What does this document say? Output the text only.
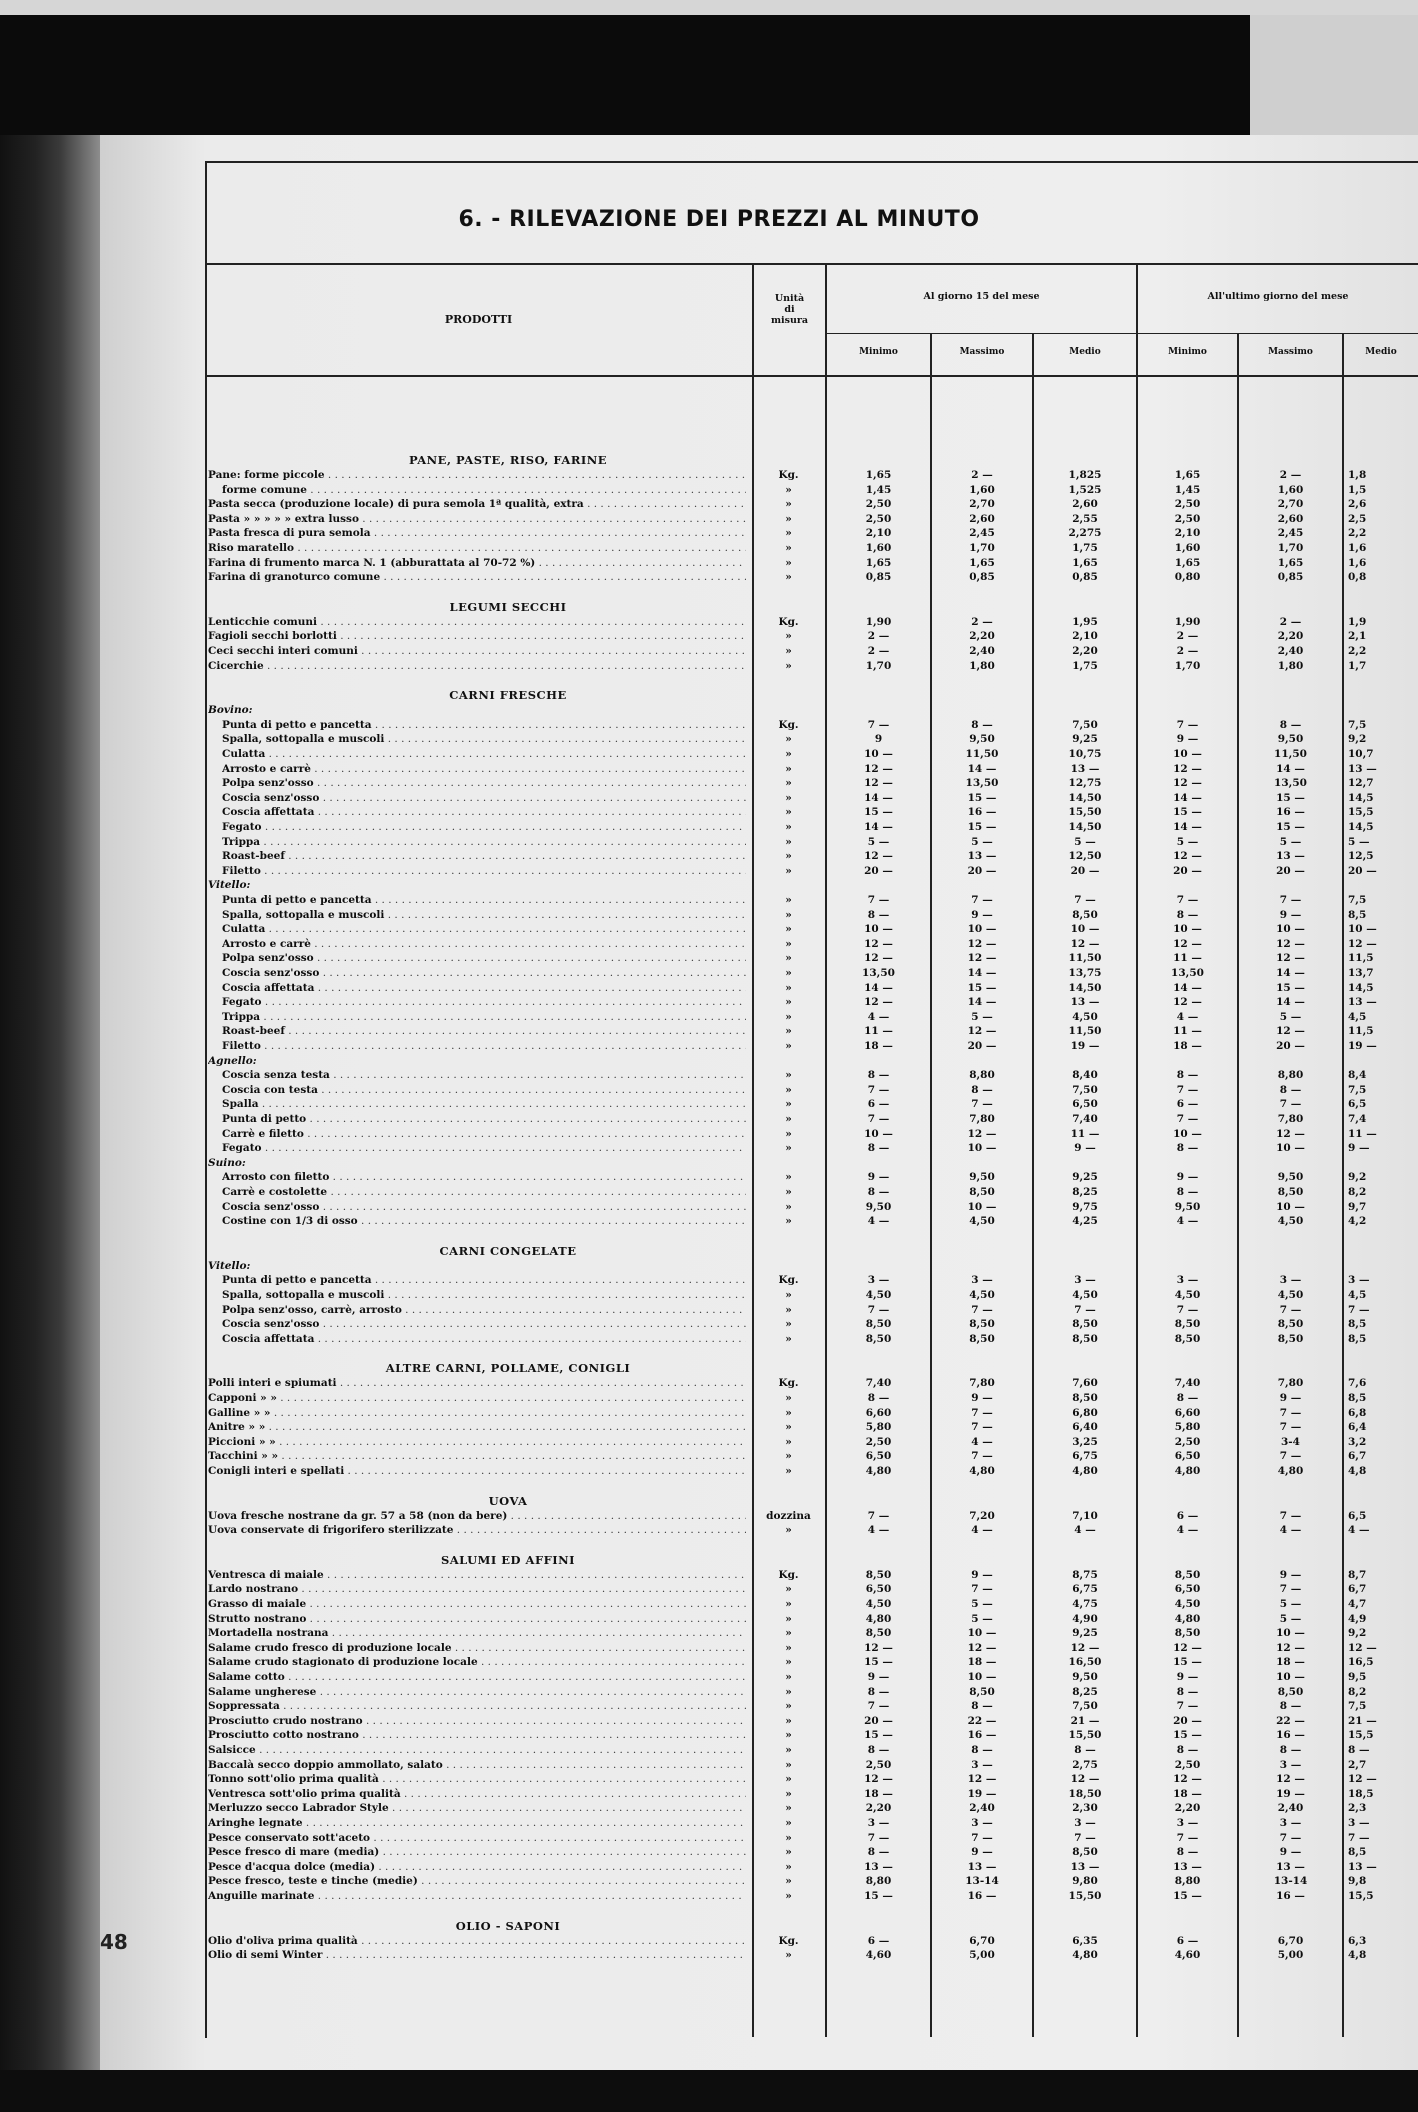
6. - RILEVAZIONE DEI PREZZI AL MINUTO
PRODOTTI
Unità
di
misura
Al giorno 15 del mese	All'ultimo giorno del mese
Minimo	Massimo	Medio	Minimo	Massimo	Medio
PANE, PASTE, RISO, FARINE
Pane: forme piccole . . .	Kg.	1,65	2 —	1,825	1,65	2 —	1,8
forme comune . . .	»	1,45	1,60	1,525	1,45	1,60	1,5
Pasta secca (produzione locale) di pura semola 1ª qualità, extra . . .	»	2,50	2,70	2,60	2,50	2,70	2,6
Pasta » » » » » extra lusso . . .	»	2,50	2,60	2,55	2,50	2,60	2,5
Pasta fresca di pura semola . . .	»	2,10	2,45	2,275	2,10	2,45	2,2
Riso maratello . . .	»	1,60	1,70	1,75	1,60	1,70	1,6
Farina di frumento marca N. 1 (abburattata al 70-72 %) . . .	»	1,65	1,65	1,65	1,65	1,65	1,6
Farina di granoturco comune . . .	»	0,85	0,85	0,85	0,80	0,85	0,8
LEGUMI SECCHI
Lenticchie comuni . . .	Kg.	1,90	2 —	1,95	1,90	2 —	1,9
Fagioli secchi borlotti . . .	»	2 —	2,20	2,10	2 —	2,20	2,1
Ceci secchi interi comuni . . .	»	2 —	2,40	2,20	2 —	2,40	2,2
Cicerchie . . .	»	1,70	1,80	1,75	1,70	1,80	1,7
CARNI FRESCHE
Bovino:
Punta di petto e pancetta . . .	Kg.	7 —	8 —	7,50	7 —	8 —	7,5
Spalla, sottopalla e muscoli . . .	»	9	9,50	9,25	9 —	9,50	9,2
Culatta . . .	»	10 —	11,50	10,75	10 —	11,50	10,7
Arrosto e carrè . . .	»	12 —	14 —	13 —	12 —	14 —	13 —
Polpa senz'osso . . .	»	12 —	13,50	12,75	12 —	13,50	12,7
Coscia senz'osso . . .	»	14 —	15 —	14,50	14 —	15 —	14,5
Coscia affettata . . .	»	15 —	16 —	15,50	15 —	16 —	15,5
Fegato . . .	»	14 —	15 —	14,50	14 —	15 —	14,5
Trippa . . .	»	5 —	5 —	5 —	5 —	5 —	5 —
Roast-beef . . .	»	12 —	13 —	12,50	12 —	13 —	12,5
Filetto . . .	»	20 —	20 —	20 —	20 —	20 —	20 —
Vitello:
Punta di petto e pancetta . . .	»	7 —	7 —	7 —	7 —	7 —	7,5
Spalla, sottopalla e muscoli . . .	»	8 —	9 —	8,50	8 —	9 —	8,5
Culatta . . .	»	10 —	10 —	10 —	10 —	10 —	10 —
Arrosto e carrè . . .	»	12 —	12 —	12 —	12 —	12 —	12 —
Polpa senz'osso . . .	»	12 —	12 —	11,50	11 —	12 —	11,5
Coscia senz'osso . . .	»	13,50	14 —	13,75	13,50	14 —	13,7
Coscia affettata . . .	»	14 —	15 —	14,50	14 —	15 —	14,5
Fegato . . .	»	12 —	14 —	13 —	12 —	14 —	13 —
Trippa . . .	»	4 —	5 —	4,50	4 —	5 —	4,5
Roast-beef . . .	»	11 —	12 —	11,50	11 —	12 —	11,5
Filetto . . .	»	18 —	20 —	19 —	18 —	20 —	19 —
Agnello:
Coscia senza testa . . .	»	8 —	8,80	8,40	8 —	8,80	8,4
Coscia con testa . . .	»	7 —	8 —	7,50	7 —	8 —	7,5
Spalla . . .	»	6 —	7 —	6,50	6 —	7 —	6,5
Punta di petto . . .	»	7 —	7,80	7,40	7 —	7,80	7,4
Carrè e filetto . . .	»	10 —	12 —	11 —	10 —	12 —	11 —
Fegato . . .	»	8 —	10 —	9 —	8 —	10 —	9 —
Suino:
Arrosto con filetto . . .	»	9 —	9,50	9,25	9 —	9,50	9,2
Carrè e costolette . . .	»	8 —	8,50	8,25	8 —	8,50	8,2
Coscia senz'osso . . .	»	9,50	10 —	9,75	9,50	10 —	9,7
Costine con 1/3 di osso . . .	»	4 —	4,50	4,25	4 —	4,50	4,2
CARNI CONGELATE
Vitello:
Punta di petto e pancetta . . .	Kg.	3 —	3 —	3 —	3 —	3 —	3 —
Spalla, sottopalla e muscoli . . .	»	4,50	4,50	4,50	4,50	4,50	4,5
Polpa senz'osso, carrè, arrosto . . .	»	7 —	7 —	7 —	7 —	7 —	7 —
Coscia senz'osso . . .	»	8,50	8,50	8,50	8,50	8,50	8,5
Coscia affettata . . .	»	8,50	8,50	8,50	8,50	8,50	8,5
ALTRE CARNI, POLLAME, CONIGLI
Polli interi e spiumati . . .	Kg.	7,40	7,80	7,60	7,40	7,80	7,6
Capponi » » . . .	»	8 —	9 —	8,50	8 —	9 —	8,5
Galline » » . . .	»	6,60	7 —	6,80	6,60	7 —	6,8
Anitre » » . . .	»	5,80	7 —	6,40	5,80	7 —	6,4
Piccioni » » . . .	»	2,50	4 —	3,25	2,50	3-4	3,2
Tacchini » » . . .	»	6,50	7 —	6,75	6,50	7 —	6,7
Conigli interi e spellati . . .	»	4,80	4,80	4,80	4,80	4,80	4,8
UOVA
Uova fresche nostrane da gr. 57 a 58 (non da bere) . . .	dozzina	7 —	7,20	7,10	6 —	7 —	6,5
Uova conservate di frigorifero sterilizzate . . .	»	4 —	4 —	4 —	4 —	4 —	4 —
SALUMI ED AFFINI
Ventresca di maiale . . .	Kg.	8,50	9 —	8,75	8,50	9 —	8,7
Lardo nostrano . . .	»	6,50	7 —	6,75	6,50	7 —	6,7
Grasso di maiale . . .	»	4,50	5 —	4,75	4,50	5 —	4,7
Strutto nostrano . . .	»	4,80	5 —	4,90	4,80	5 —	4,9
Mortadella nostrana . . .	»	8,50	10 —	9,25	8,50	10 —	9,2
Salame crudo fresco di produzione locale . . .	»	12 —	12 —	12 —	12 —	12 —	12 —
Salame crudo stagionato di produzione locale . . .	»	15 —	18 —	16,50	15 —	18 —	16,5
Salame cotto . . .	»	9 —	10 —	9,50	9 —	10 —	9,5
Salame ungherese . . .	»	8 —	8,50	8,25	8 —	8,50	8,2
Soppressata . . .	»	7 —	8 —	7,50	7 —	8 —	7,5
Prosciutto crudo nostrano . . .	»	20 —	22 —	21 —	20 —	22 —	21 —
Prosciutto cotto nostrano . . .	»	15 —	16 —	15,50	15 —	16 —	15,5
Salsicce . . .	»	8 —	8 —	8 —	8 —	8 —	8 —
Baccalà secco doppio ammollato, salato . . .	»	2,50	3 —	2,75	2,50	3 —	2,7
Tonno sott'olio prima qualità . . .	»	12 —	12 —	12 —	12 —	12 —	12 —
Ventresca sott'olio prima qualità . . .	»	18 —	19 —	18,50	18 —	19 —	18,5
Merluzzo secco Labrador Style . . .	»	2,20	2,40	2,30	2,20	2,40	2,3
Aringhe legnate . . .	»	3 —	3 —	3 —	3 —	3 —	3 —
Pesce conservato sott'aceto . . .	»	7 —	7 —	7 —	7 —	7 —	7 —
Pesce fresco di mare (media) . . .	»	8 —	9 —	8,50	8 —	9 —	8,5
Pesce d'acqua dolce (media) . . .	»	13 —	13 —	13 —	13 —	13 —	13 —
Pesce fresco, teste e tinche (medie) . . .	»	8,80	13-14	9,80	8,80	13-14	9,8
Anguille marinate . . .	»	15 —	16 —	15,50	15 —	16 —	15,5
OLIO - SAPONI
Olio d'oliva prima qualità . . .	Kg.	6 —	6,70	6,35	6 —	6,70	6,3
Olio di semi Winter . . .	»	4,60	5,00	4,80	4,60	5,00	4,8
48
